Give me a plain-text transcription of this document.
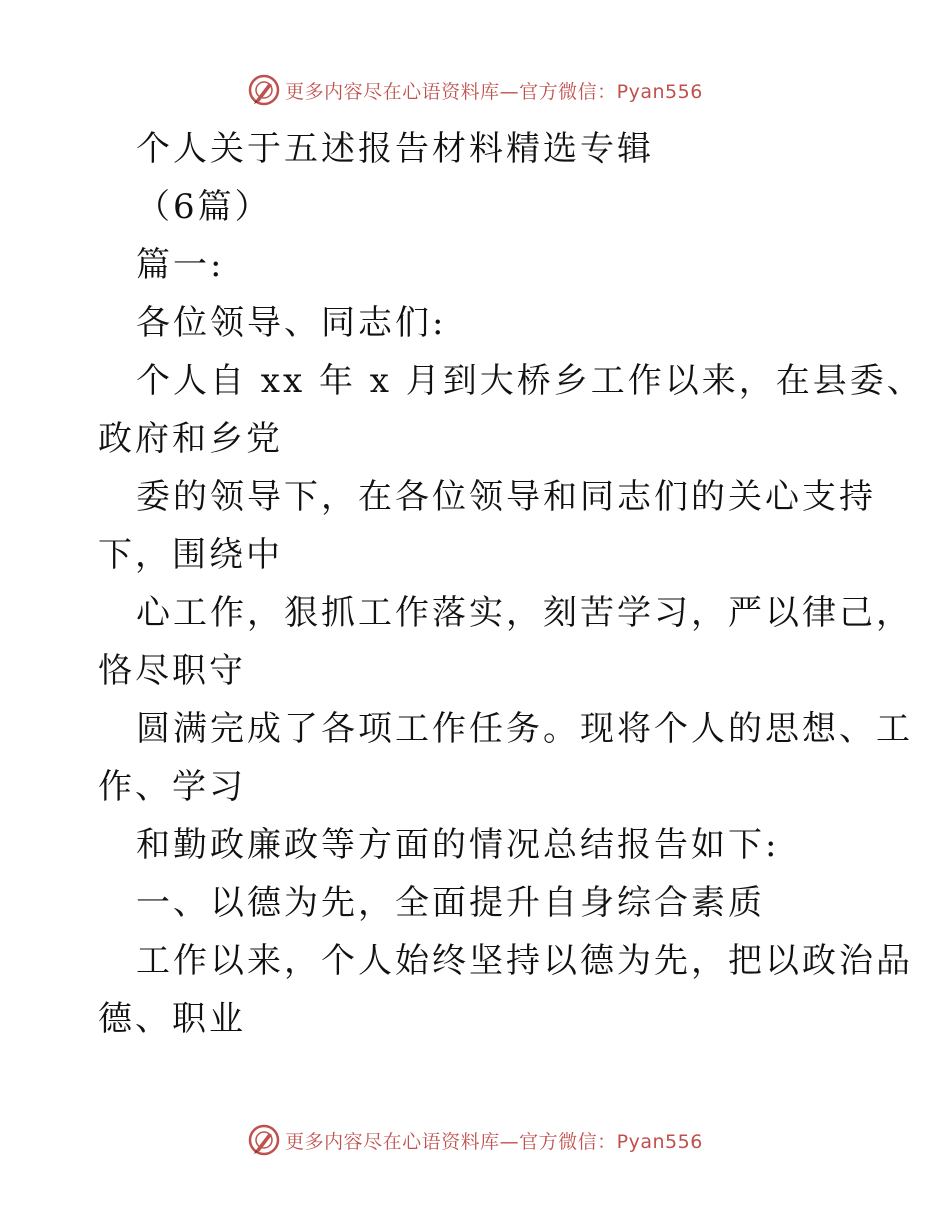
更多内容尽在心语资料库—官方微信：Pyan556
个人关于五述报告材料精选专辑
（6篇）
篇一:
各位领导、同志们:
个人自 xx 年 x 月到大桥乡工作以来，在县委、
政府和乡党
委的领导下，在各位领导和同志们的关心支持
下，围绕中
心工作，狠抓工作落实，刻苦学习，严以律己，
恪尽职守
圆满完成了各项工作任务。现将个人的思想、工
作、学习
和勤政廉政等方面的情况总结报告如下:
一、以德为先，全面提升自身综合素质
工作以来，个人始终坚持以德为先，把以政治品
德、职业
更多内容尽在心语资料库—官方微信：Pyan556
